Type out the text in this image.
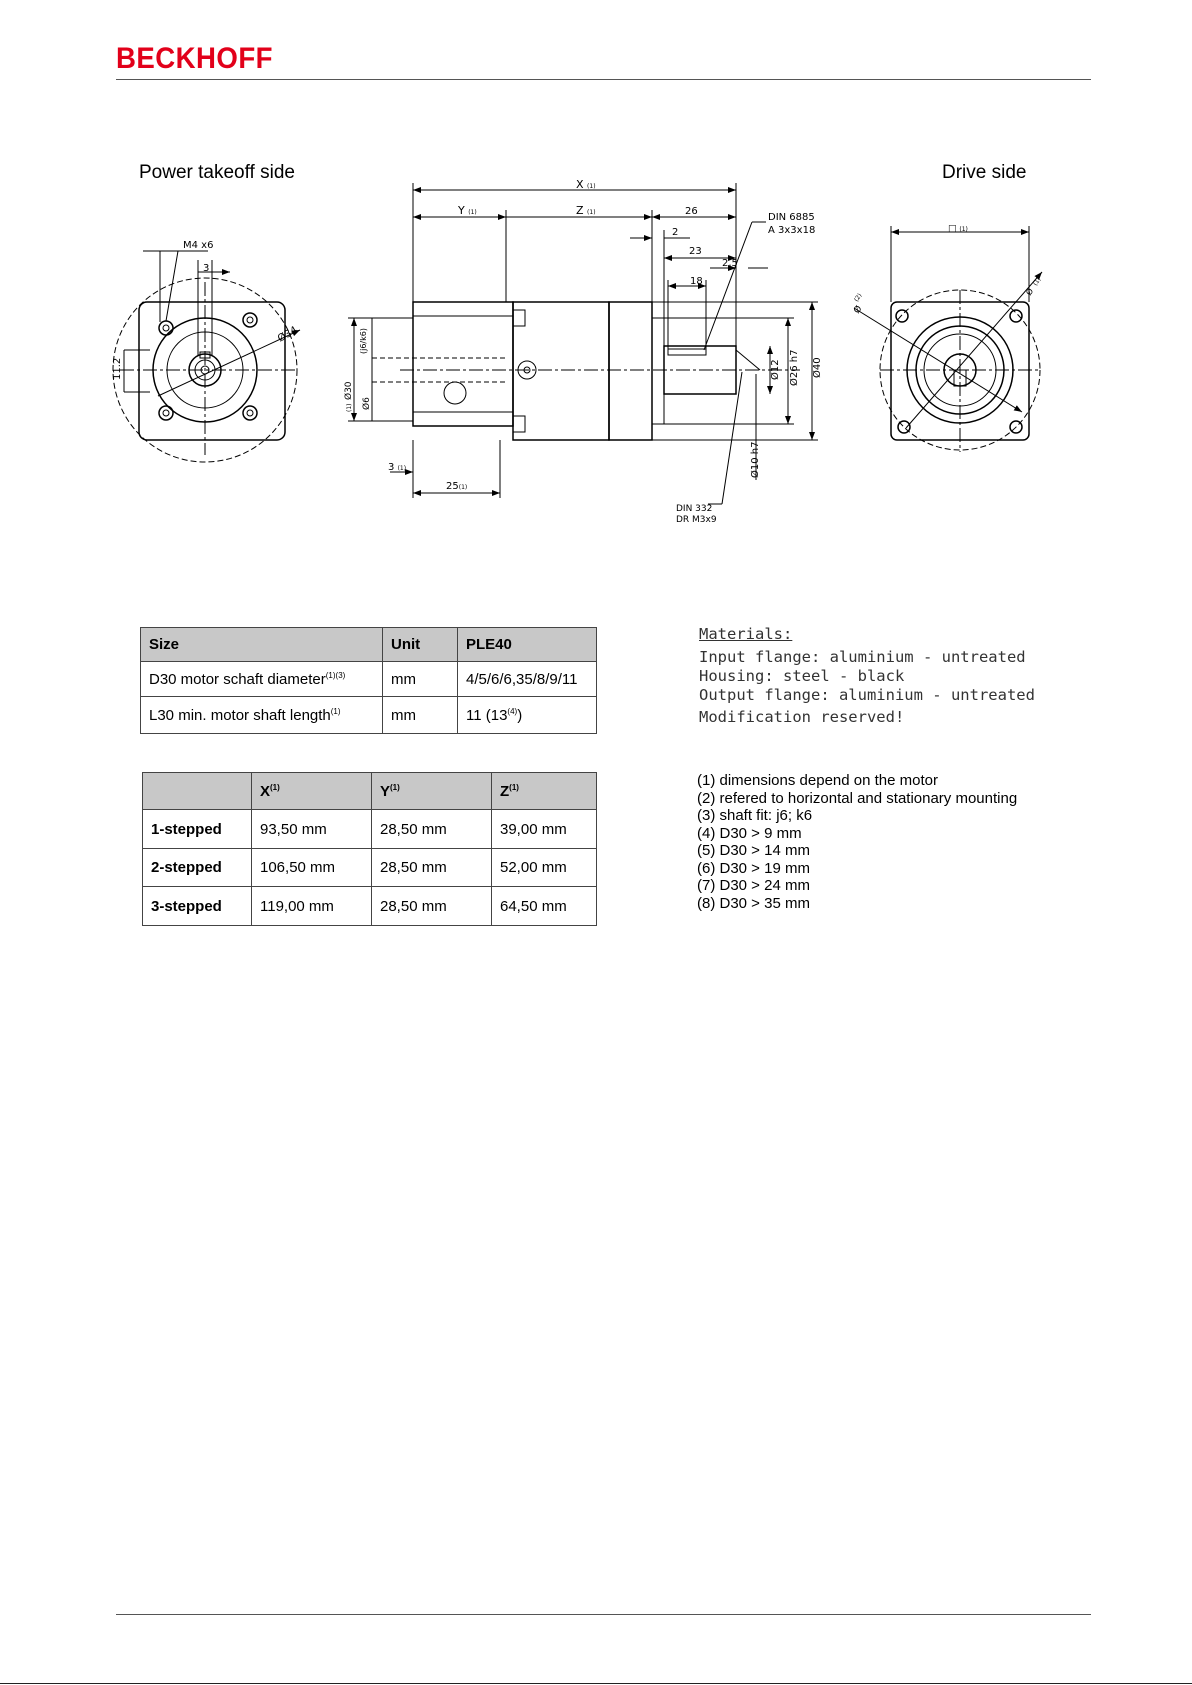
BECKHOFF
Power takeoff side	Drive side
X (1)
Y (1)	Z (1)	26
2
23
2,5
18
DIN 6885
A 3x3x18
M4 x6
3
11.2
Ø34	(j6/k6)
Ø30
(1) Ø6
Ø12 Ø26 h7 Ø40
Ø10 h7
3 (1)
25(1)
DIN 332
DR M3x9
□ (1)
Ø
(2)
Ø
(1)
Size	Unit	PLE40
D30 motor schaft diameter$^{(1)(3)}$	mm	4/5/6/6,35/8/9/11
L30 min. motor shaft length$^{(1)}$	mm	11 (13$^{(4)}$)
	$X^{(1)}$	$Y^{(1)}$	$Z^{(1)}$
1-stepped	93,50 mm	28,50 mm	39,00 mm
2-stepped	106,50 mm	28,50 mm	52,00 mm
3-stepped	119,00 mm	28,50 mm	64,50 mm
Materials:
Input flange: aluminium - untreated
Housing: steel - black
Output flange: aluminium - untreated
Modification reserved!
(1) dimensions depend on the motor
(2) refered to horizontal and stationary mounting
(3) shaft fit: j6; k6
(4) D30 > 9 mm
(5) D30 > 14 mm
(6) D30 > 19 mm
(7) D30 > 24 mm
(8) D30 > 35 mm
